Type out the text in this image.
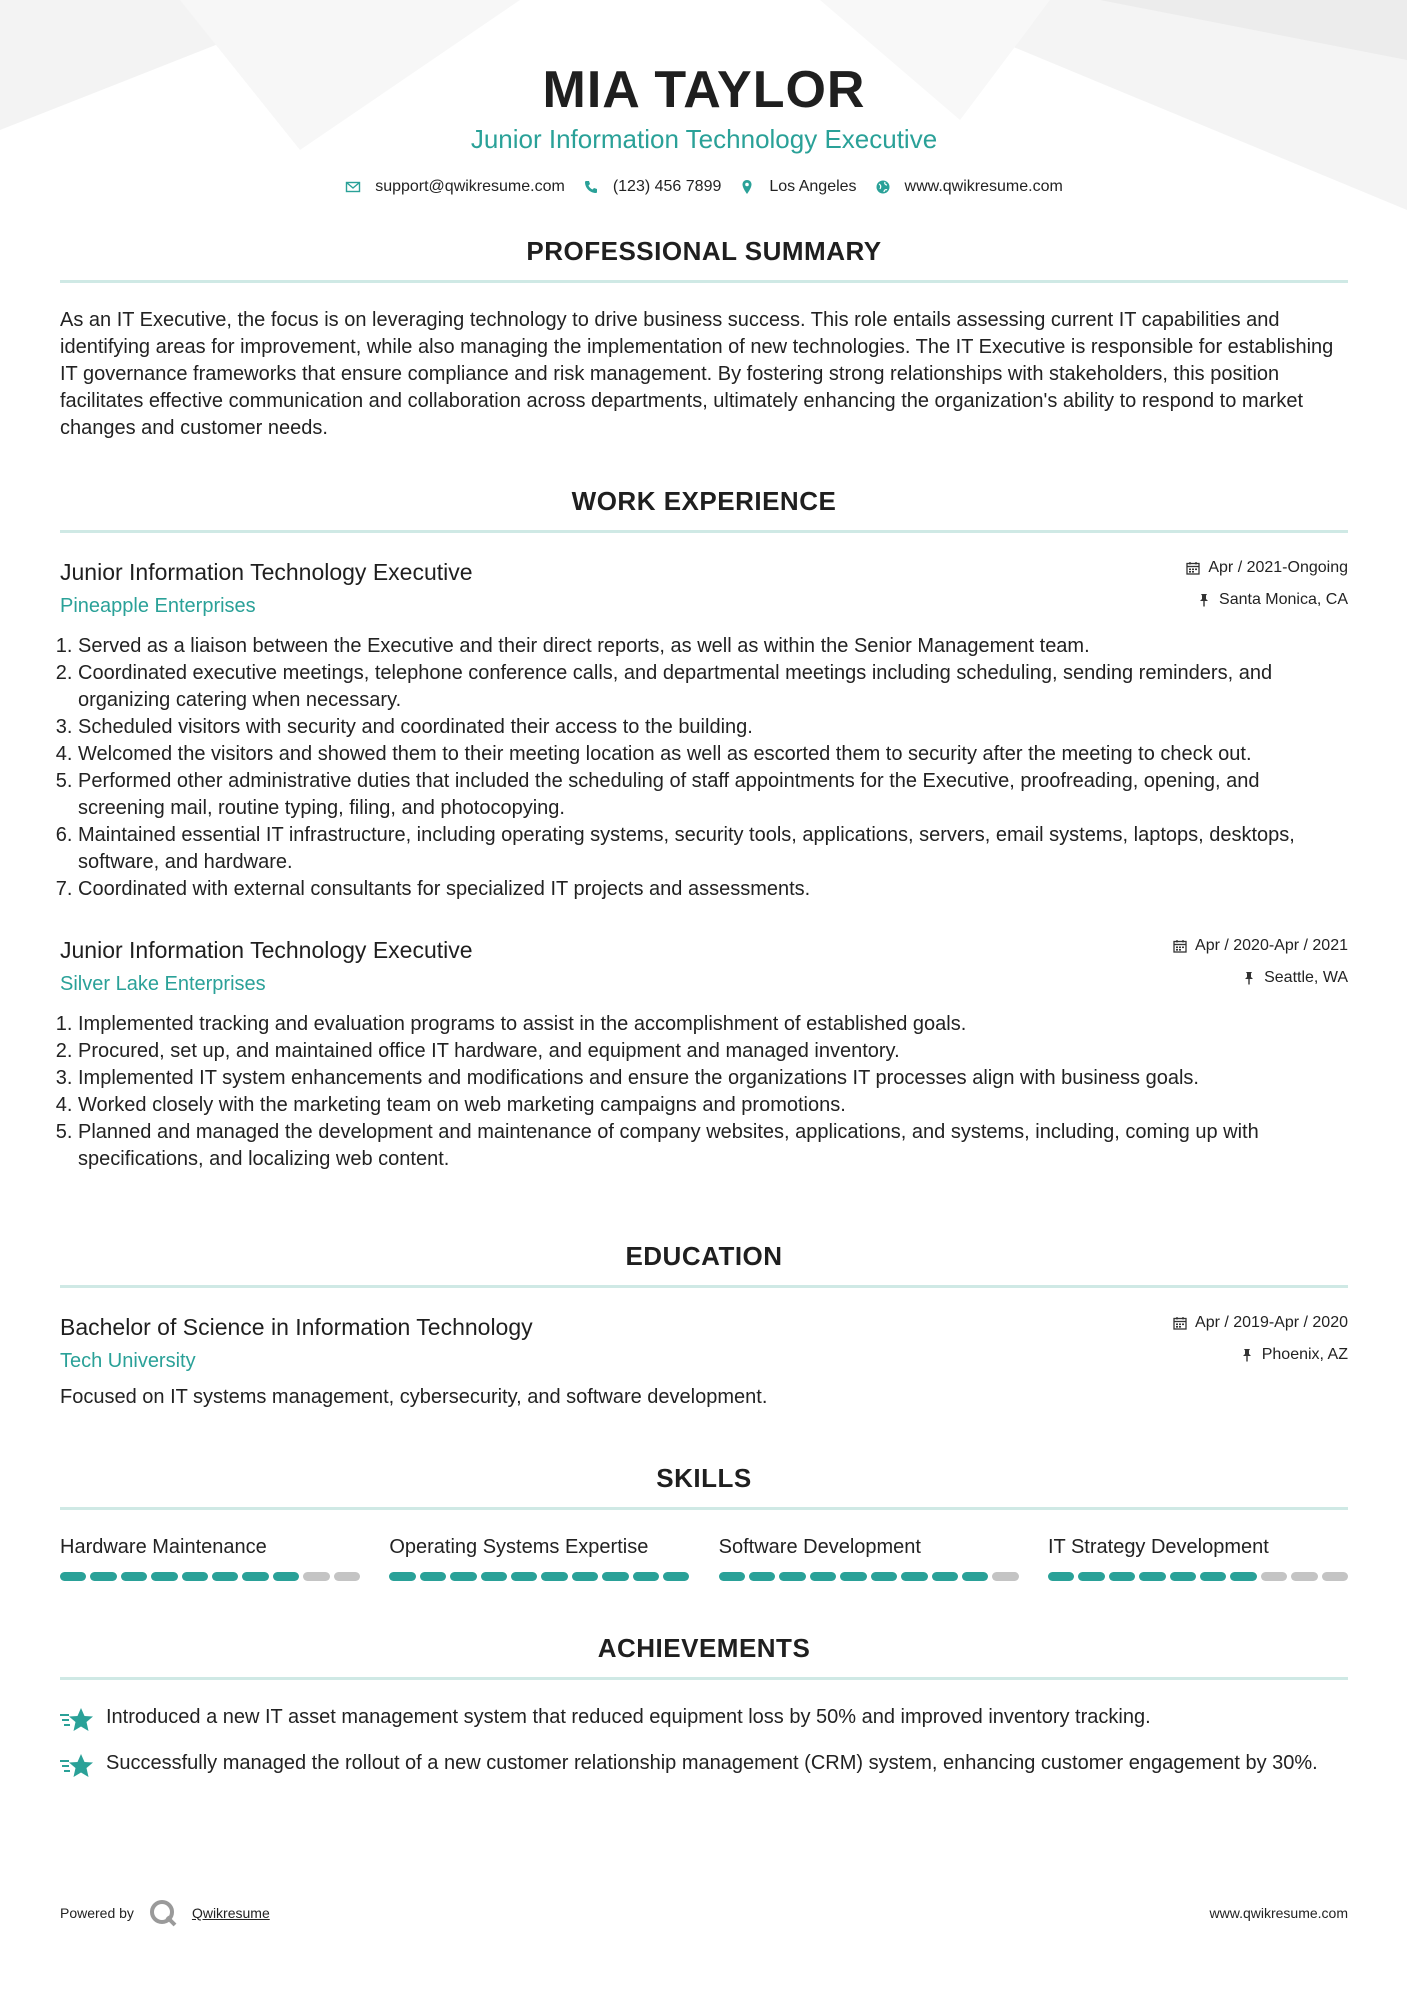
MIA TAYLOR
Junior Information Technology Executive
support@qwikresume.com	(123) 456 7899	Los Angeles	www.qwikresume.com
PROFESSIONAL SUMMARY

As an IT Executive, the focus is on leveraging technology to drive business success. This role entails assessing current IT capabilities and identifying areas for improvement, while also managing the implementation of new technologies. The IT Executive is responsible for establishing IT governance frameworks that ensure compliance and risk management. By fostering strong relationships with stakeholders, this position facilitates effective communication and collaboration across departments, ultimately enhancing the organization's ability to respond to market changes and customer needs.

WORK EXPERIENCE
Junior Information Technology Executive
Pineapple Enterprises
Apr / 2021-Ongoing
Santa Monica, CA
1. Served as a liaison between the Executive and their direct reports, as well as within the Senior Management team.
2. Coordinated executive meetings, telephone conference calls, and departmental meetings including scheduling, sending reminders, and organizing catering when necessary.
3. Scheduled visitors with security and coordinated their access to the building.
4. Welcomed the visitors and showed them to their meeting location as well as escorted them to security after the meeting to check out.
5. Performed other administrative duties that included the scheduling of staff appointments for the Executive, proofreading, opening, and screening mail, routine typing, filing, and photocopying.
6. Maintained essential IT infrastructure, including operating systems, security tools, applications, servers, email systems, laptops, desktops, software, and hardware.
7. Coordinated with external consultants for specialized IT projects and assessments.
Junior Information Technology Executive
Silver Lake Enterprises
Apr / 2020-Apr / 2021
Seattle, WA
1. Implemented tracking and evaluation programs to assist in the accomplishment of established goals.
2. Procured, set up, and maintained office IT hardware, and equipment and managed inventory.
3. Implemented IT system enhancements and modifications and ensure the organizations IT processes align with business goals.
4. Worked closely with the marketing team on web marketing campaigns and promotions.
5. Planned and managed the development and maintenance of company websites, applications, and systems, including, coming up with specifications, and localizing web content.
EDUCATION
Bachelor of Science in Information Technology
Tech University
Apr / 2019-Apr / 2020
Phoenix, AZ

Focused on IT systems management, cybersecurity, and software development.

SKILLS
Hardware Maintenance	Operating Systems Expertise	Software Development	IT Strategy Development
ACHIEVEMENTS
Introduced a new IT asset management system that reduced equipment loss by 50% and improved inventory tracking.
Successfully managed the rollout of a new customer relationship management (CRM) system, enhancing customer engagement by 30%.
Powered by	Qwikresume	www.qwikresume.com
